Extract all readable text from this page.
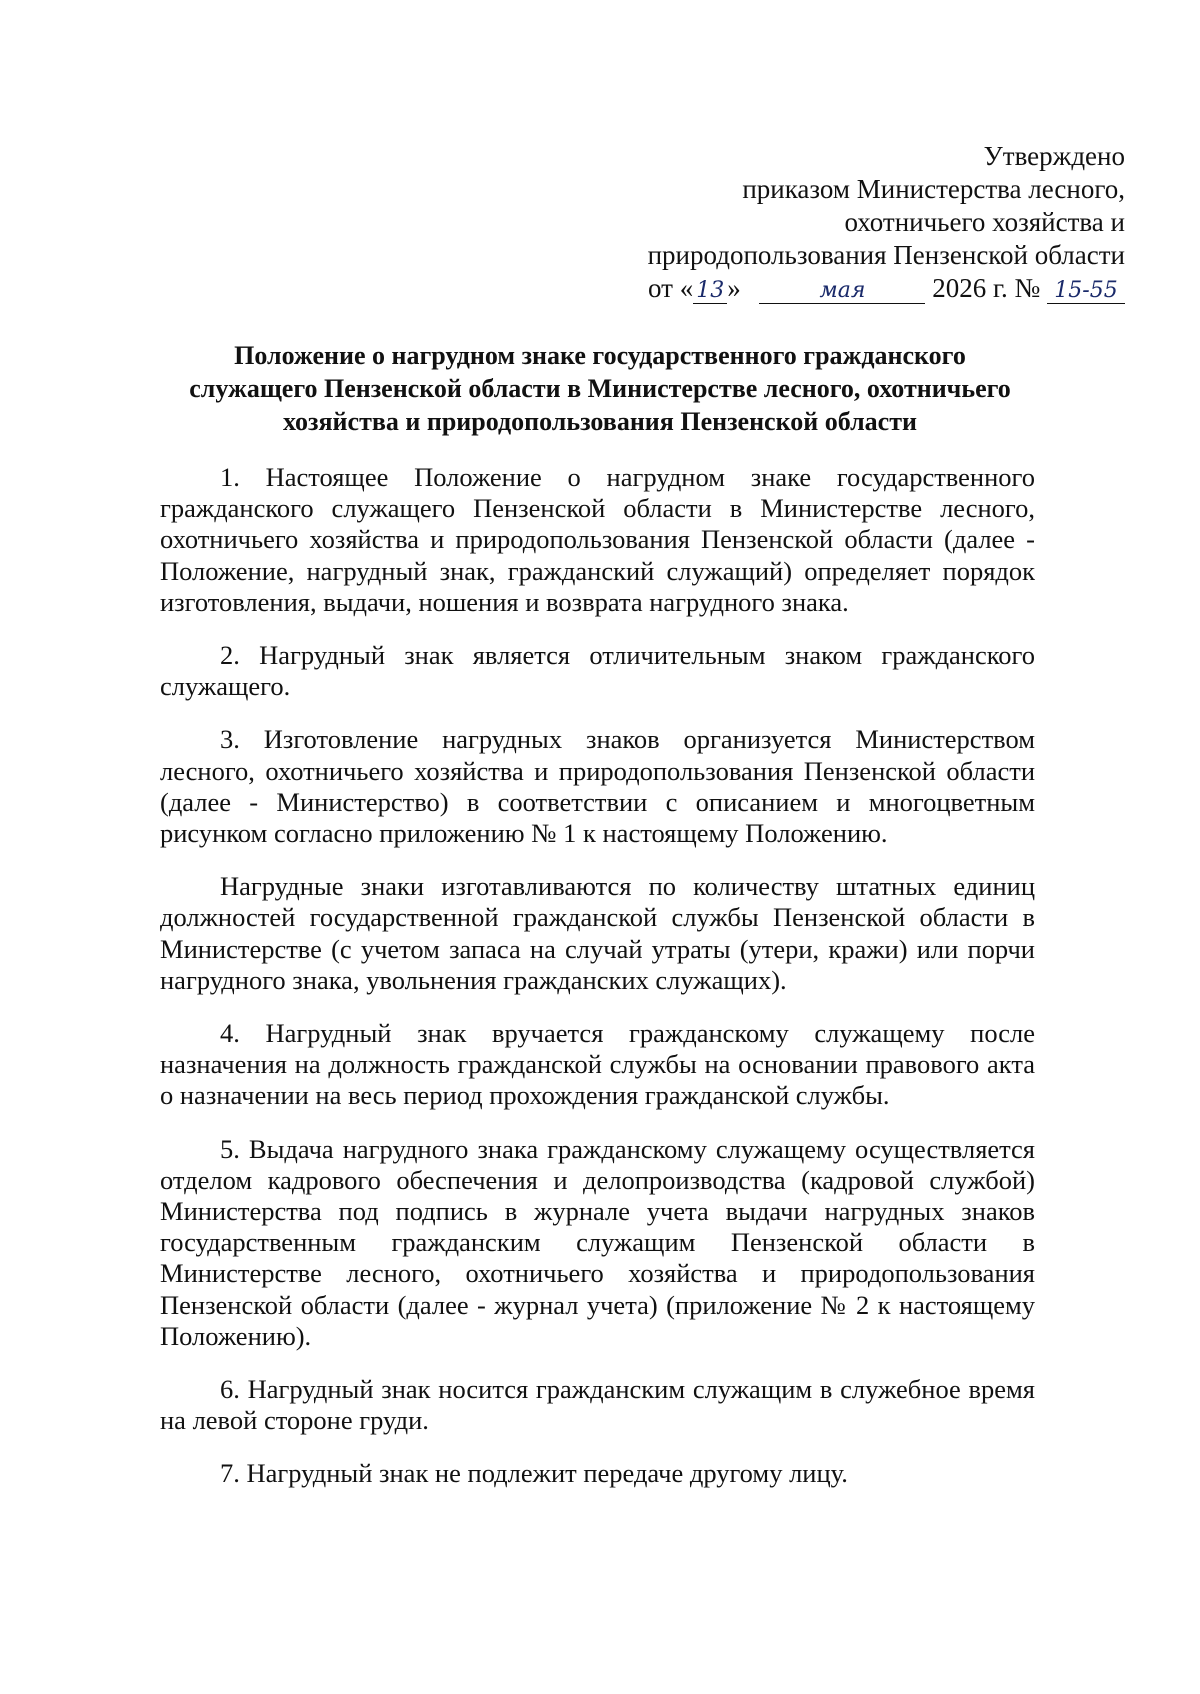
Утверждено
приказом Министерства лесного,
охотничьего хозяйства и
природопользования Пензенской области
от « 13 »	мая 2026 г. № 15-55
Положение о нагрудном знаке государственного гражданского
служащего Пензенской области в Министерстве лесного, охотничьего
хозяйства и природопользования Пензенской области

1. Настоящее Положение о нагрудном знаке государственного гражданского служащего Пензенской области в Министерстве лесного, охотничьего хозяйства и природопользования Пензенской области (далее - Положение, нагрудный знак, гражданский служащий) определяет порядок изготовления, выдачи, ношения и возврата нагрудного знака.

2. Нагрудный знак является отличительным знаком гражданского служащего.

3. Изготовление нагрудных знаков организуется Министерством лесного, охотничьего хозяйства и природопользования Пензенской области (далее - Министерство) в соответствии с описанием и многоцветным рисунком согласно приложению № 1 к настоящему Положению.

Нагрудные знаки изготавливаются по количеству штатных единиц должностей государственной гражданской службы Пензенской области в Министерстве (с учетом запаса на случай утраты (утери, кражи) или порчи нагрудного знака, увольнения гражданских служащих).

4. Нагрудный знак вручается гражданскому служащему после назначения на должность гражданской службы на основании правового акта о назначении на весь период прохождения гражданской службы.

5. Выдача нагрудного знака гражданскому служащему осуществляется отделом кадрового обеспечения и делопроизводства (кадровой службой) Министерства под подпись в журнале учета выдачи нагрудных знаков государственным гражданским служащим Пензенской области в Министерстве лесного, охотничьего хозяйства и природопользования Пензенской области (далее - журнал учета) (приложение № 2 к настоящему Положению).

6. Нагрудный знак носится гражданским служащим в служебное время на левой стороне груди.

7. Нагрудный знак не подлежит передаче другому лицу.
